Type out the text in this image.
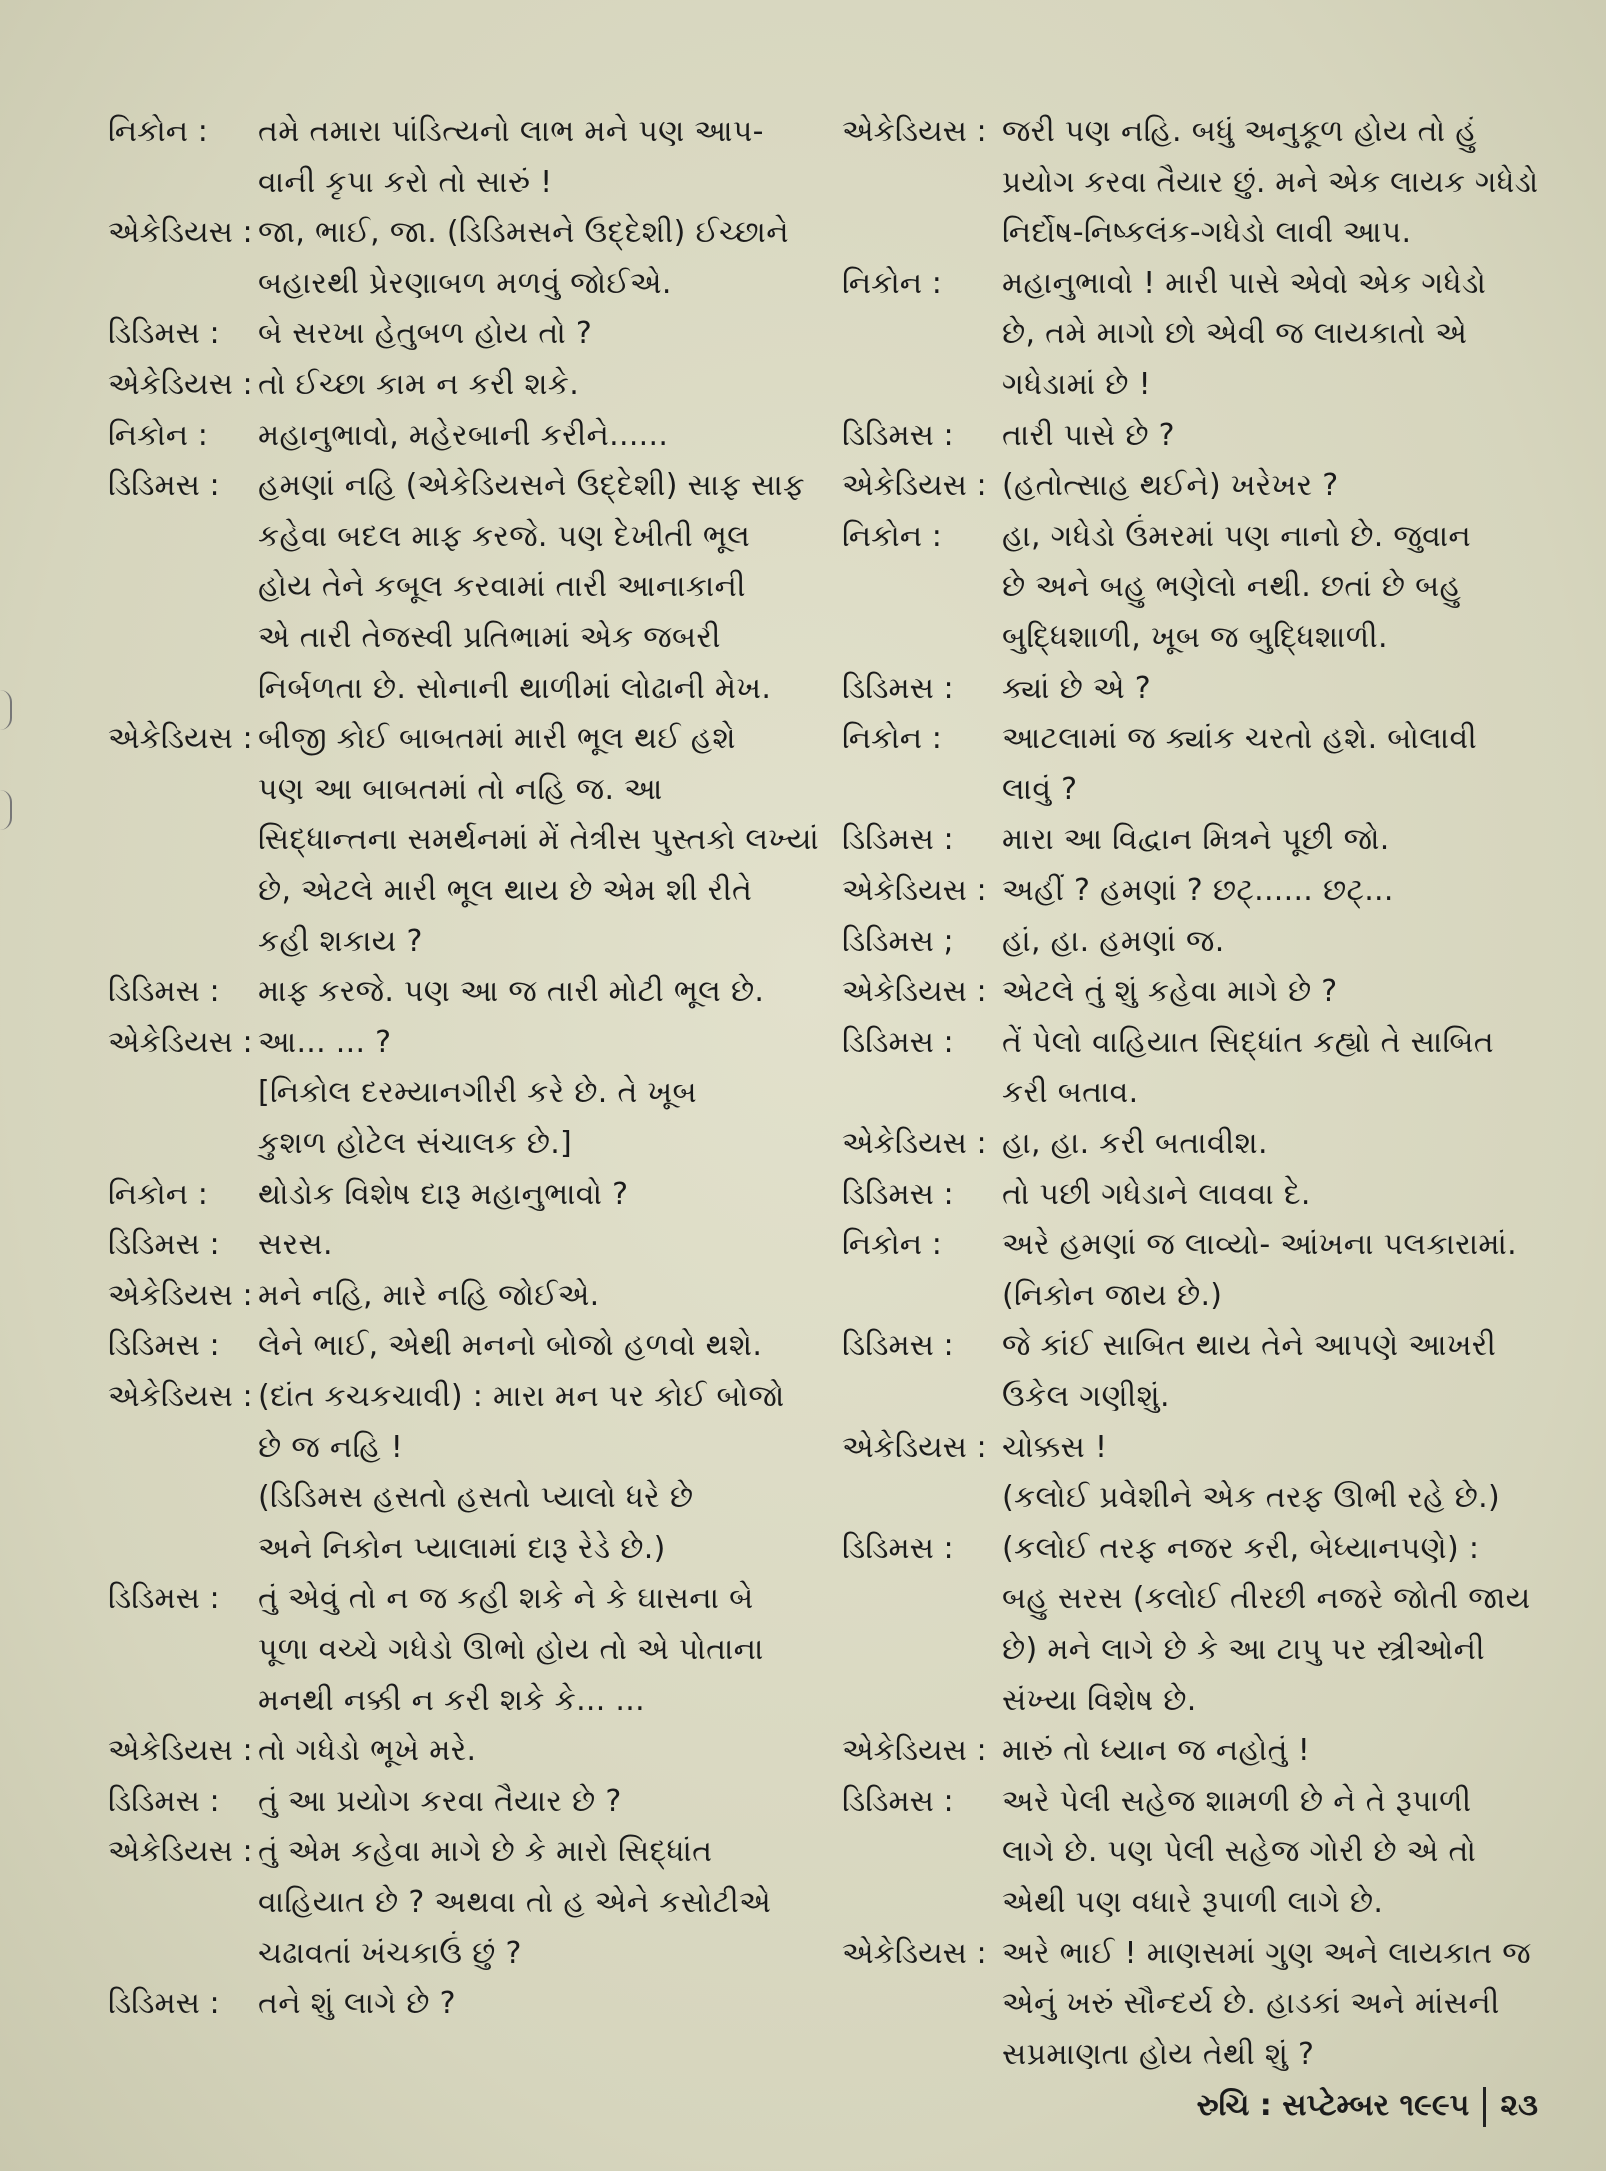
નિકોન : તમે તમારા પાંડિત્યનો લાભ મને પણ આપ-
વાની કૃપા કરો તો સારું !
એકેડિયસ : જા, ભાઈ, જા. (ડિડિમસને ઉદ્દેશી) ઈચ્છાને
બહારથી પ્રેરણાબળ મળવું જોઈએ.
ડિડિમસ : બે સરખા હેતુબળ હોય તો ?
એકેડિયસ : તો ઈચ્છા કામ ન કરી શકે.
નિકોન : મહાનુભાવો, મહેરબાની કરીને......
ડિડિમસ : હમણાં નહિ (એકેડિયસને ઉદ્દેશી) સાફ સાફ
કહેવા બદલ માફ કરજે. પણ દેખીતી ભૂલ
હોય તેને કબૂલ કરવામાં તારી આનાકાની
એ તારી તેજસ્વી પ્રતિભામાં એક જબરી
નિર્બળતા છે. સોનાની થાળીમાં લોઢાની મેખ.
એકેડિયસ : બીજી કોઈ બાબતમાં મારી ભૂલ થઈ હશે
પણ આ બાબતમાં તો નહિ જ. આ
સિદ્ધાન્તના સમર્થનમાં મેં તેત્રીસ પુસ્તકો લખ્યાં
છે, એટલે મારી ભૂલ થાય છે એમ શી રીતે
કહી શકાય ?
ડિડિમસ : માફ કરજે. પણ આ જ તારી મોટી ભૂલ છે.
એકેડિયસ : આ... ... ?
[નિકોલ દરમ્યાનગીરી કરે છે. તે ખૂબ
કુશળ હોટેલ સંચાલક છે.]
નિકોન : થોડોક વિશેષ દારૂ મહાનુભાવો ?
ડિડિમસ : સરસ.
એકેડિયસ : મને નહિ, મારે નહિ જોઈએ.
ડિડિમસ : લેને ભાઈ, એથી મનનો બોજો હળવો થશે.
એકેડિયસ : (દાંત કચકચાવી) : મારા મન પર કોઈ બોજો
છે જ નહિ !
(ડિડિમસ હસતો હસતો પ્યાલો ધરે છે
અને નિકોન પ્યાલામાં દારૂ રેડે છે.)
ડિડિમસ : તું એવું તો ન જ કહી શકે ને કે ઘાસના બે
પૂળા વચ્ચે ગધેડો ઊભો હોય તો એ પોતાના
મનથી નક્કી ન કરી શકે કે... ...
એકેડિયસ : તો ગધેડો ભૂખે મરે.
ડિડિમસ : તું આ પ્રયોગ કરવા તૈયાર છે ?
એકેડિયસ : તું એમ કહેવા માગે છે કે મારો સિદ્ધાંત
વાહિયાત છે ? અથવા તો હ એને કસોટીએ
ચઢાવતાં ખંચકાઉં છું ?
ડિડિમસ : તને શું લાગે છે ?
એકેડિયસ : જરી પણ નહિ. બધું અનુકૂળ હોય તો હું
પ્રયોગ કરવા તૈયાર છું. મને એક લાયક ગધેડો
નિર્દોષ-નિષ્કલંક-ગધેડો લાવી આપ.
નિકોન : મહાનુભાવો ! મારી પાસે એવો એક ગધેડો
છે, તમે માગો છો એવી જ લાયકાતો એ
ગધેડામાં છે !
ડિડિમસ : તારી પાસે છે ?
એકેડિયસ : (હતોત્સાહ થઈને) ખરેખર ?
નિકોન : હા, ગધેડો ઉંમરમાં પણ નાનો છે. જુવાન
છે અને બહુ ભણેલો નથી. છતાં છે બહુ
બુદ્ધિશાળી, ખૂબ જ બુદ્ધિશાળી.
ડિડિમસ : ક્યાં છે એ ?
નિકોન : આટલામાં જ ક્યાંક ચરતો હશે. બોલાવી
લાવું ?
ડિડિમસ : મારા આ વિદ્વાન મિત્રને પૂછી જો.
એકેડિયસ : અહીં ? હમણાં ? છટ્...... છટ્...
ડિડિમસ ; હાં, હા. હમણાં જ.
એકેડિયસ : એટલે તું શું કહેવા માગે છે ?
ડિડિમસ : તેં પેલો વાહિયાત સિદ્ધાંત કહ્યો તે સાબિત
કરી બતાવ.
એકેડિયસ : હા, હા. કરી બતાવીશ.
ડિડિમસ : તો પછી ગધેડાને લાવવા દે.
નિકોન : અરે હમણાં જ લાવ્યો- આંખના પલકારામાં.
(નિકોન જાય છે.)
ડિડિમસ : જે કાંઈ સાબિત થાય તેને આપણે આખરી
ઉકેલ ગણીશું.
એકેડિયસ : ચોક્કસ !
(કલોઈ પ્રવેશીને એક તરફ ઊભી રહે છે.)
ડિડિમસ : (કલોઈ તરફ નજર કરી, બેધ્યાનપણે) :
બહુ સરસ (કલોઈ તીરછી નજરે જોતી જાય
છે) મને લાગે છે કે આ ટાપુ પર સ્ત્રીઓની
સંખ્યા વિશેષ છે.
એકેડિયસ : મારું તો ધ્યાન જ નહોતું !
ડિડિમસ : અરે પેલી સહેજ શામળી છે ને તે રૂપાળી
લાગે છે. પણ પેલી સહેજ ગોરી છે એ તો
એથી પણ વધારે રૂપાળી લાગે છે.
એકેડિયસ : અરે ભાઈ ! માણસમાં ગુણ અને લાયકાત જ
એનું ખરું સૌન્દર્ય છે. હાડકાં અને માંસની
સપ્રમાણતા હોય તેથી શું ?
રુચિ : સપ્ટેમ્બર ૧૯૯૫ ૨૩
